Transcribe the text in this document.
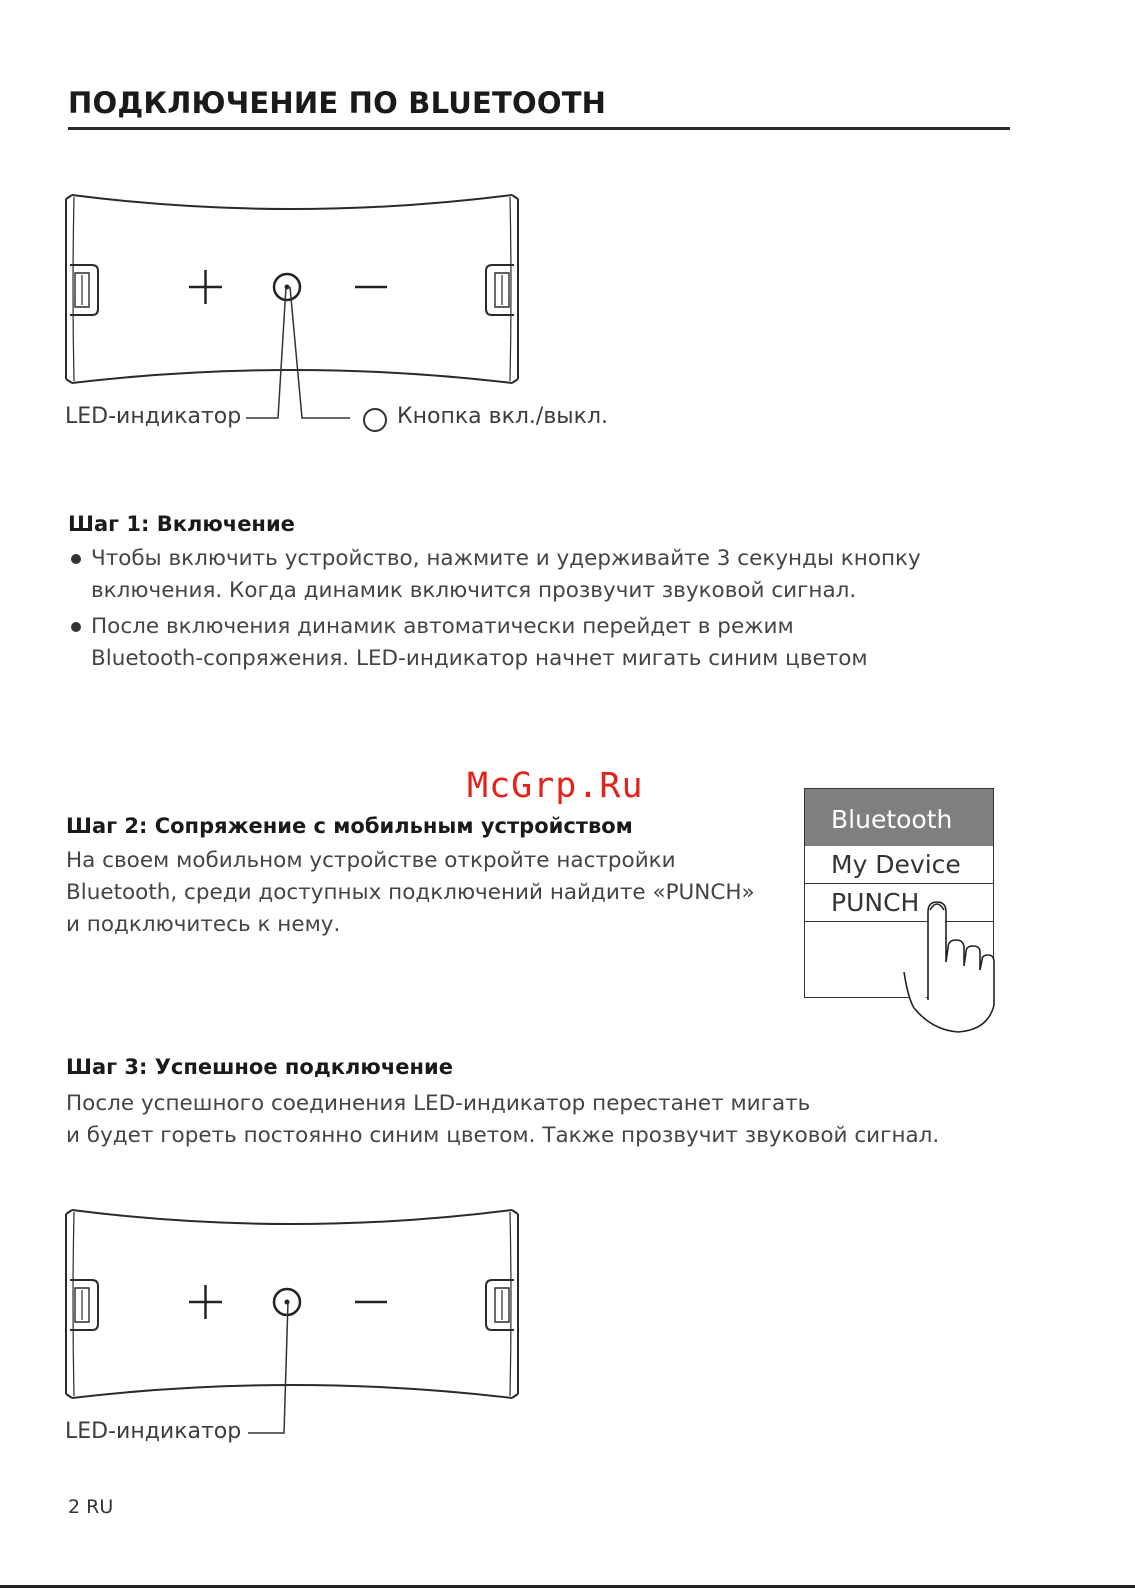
ПОДКЛЮЧЕНИЕ ПО BLUETOOTH
LED-индикатор	Кнопка вкл./выкл.
Шаг 1: Включение
Чтобы включить устройство, нажмите и удерживайте 3 секунды кнопку
включения. Когда динамик включится прозвучит звуковой сигнал.
После включения динамик автоматически перейдет в режим
Bluetooth-сопряжения. LED-индикатор начнет мигать синим цветом
McGrp.Ru
Шаг 2: Сопряжение с мобильным устройством
На своем мобильном устройстве откройте настройки
Bluetooth, среди доступных подключений найдите «PUNCH»
и подключитесь к нему.
Bluetooth
My Device
PUNCH
Шаг 3: Успешное подключение
После успешного соединения LED-индикатор перестанет мигать
и будет гореть постоянно синим цветом. Также прозвучит звуковой сигнал.
LED-индикатор
2 RU
